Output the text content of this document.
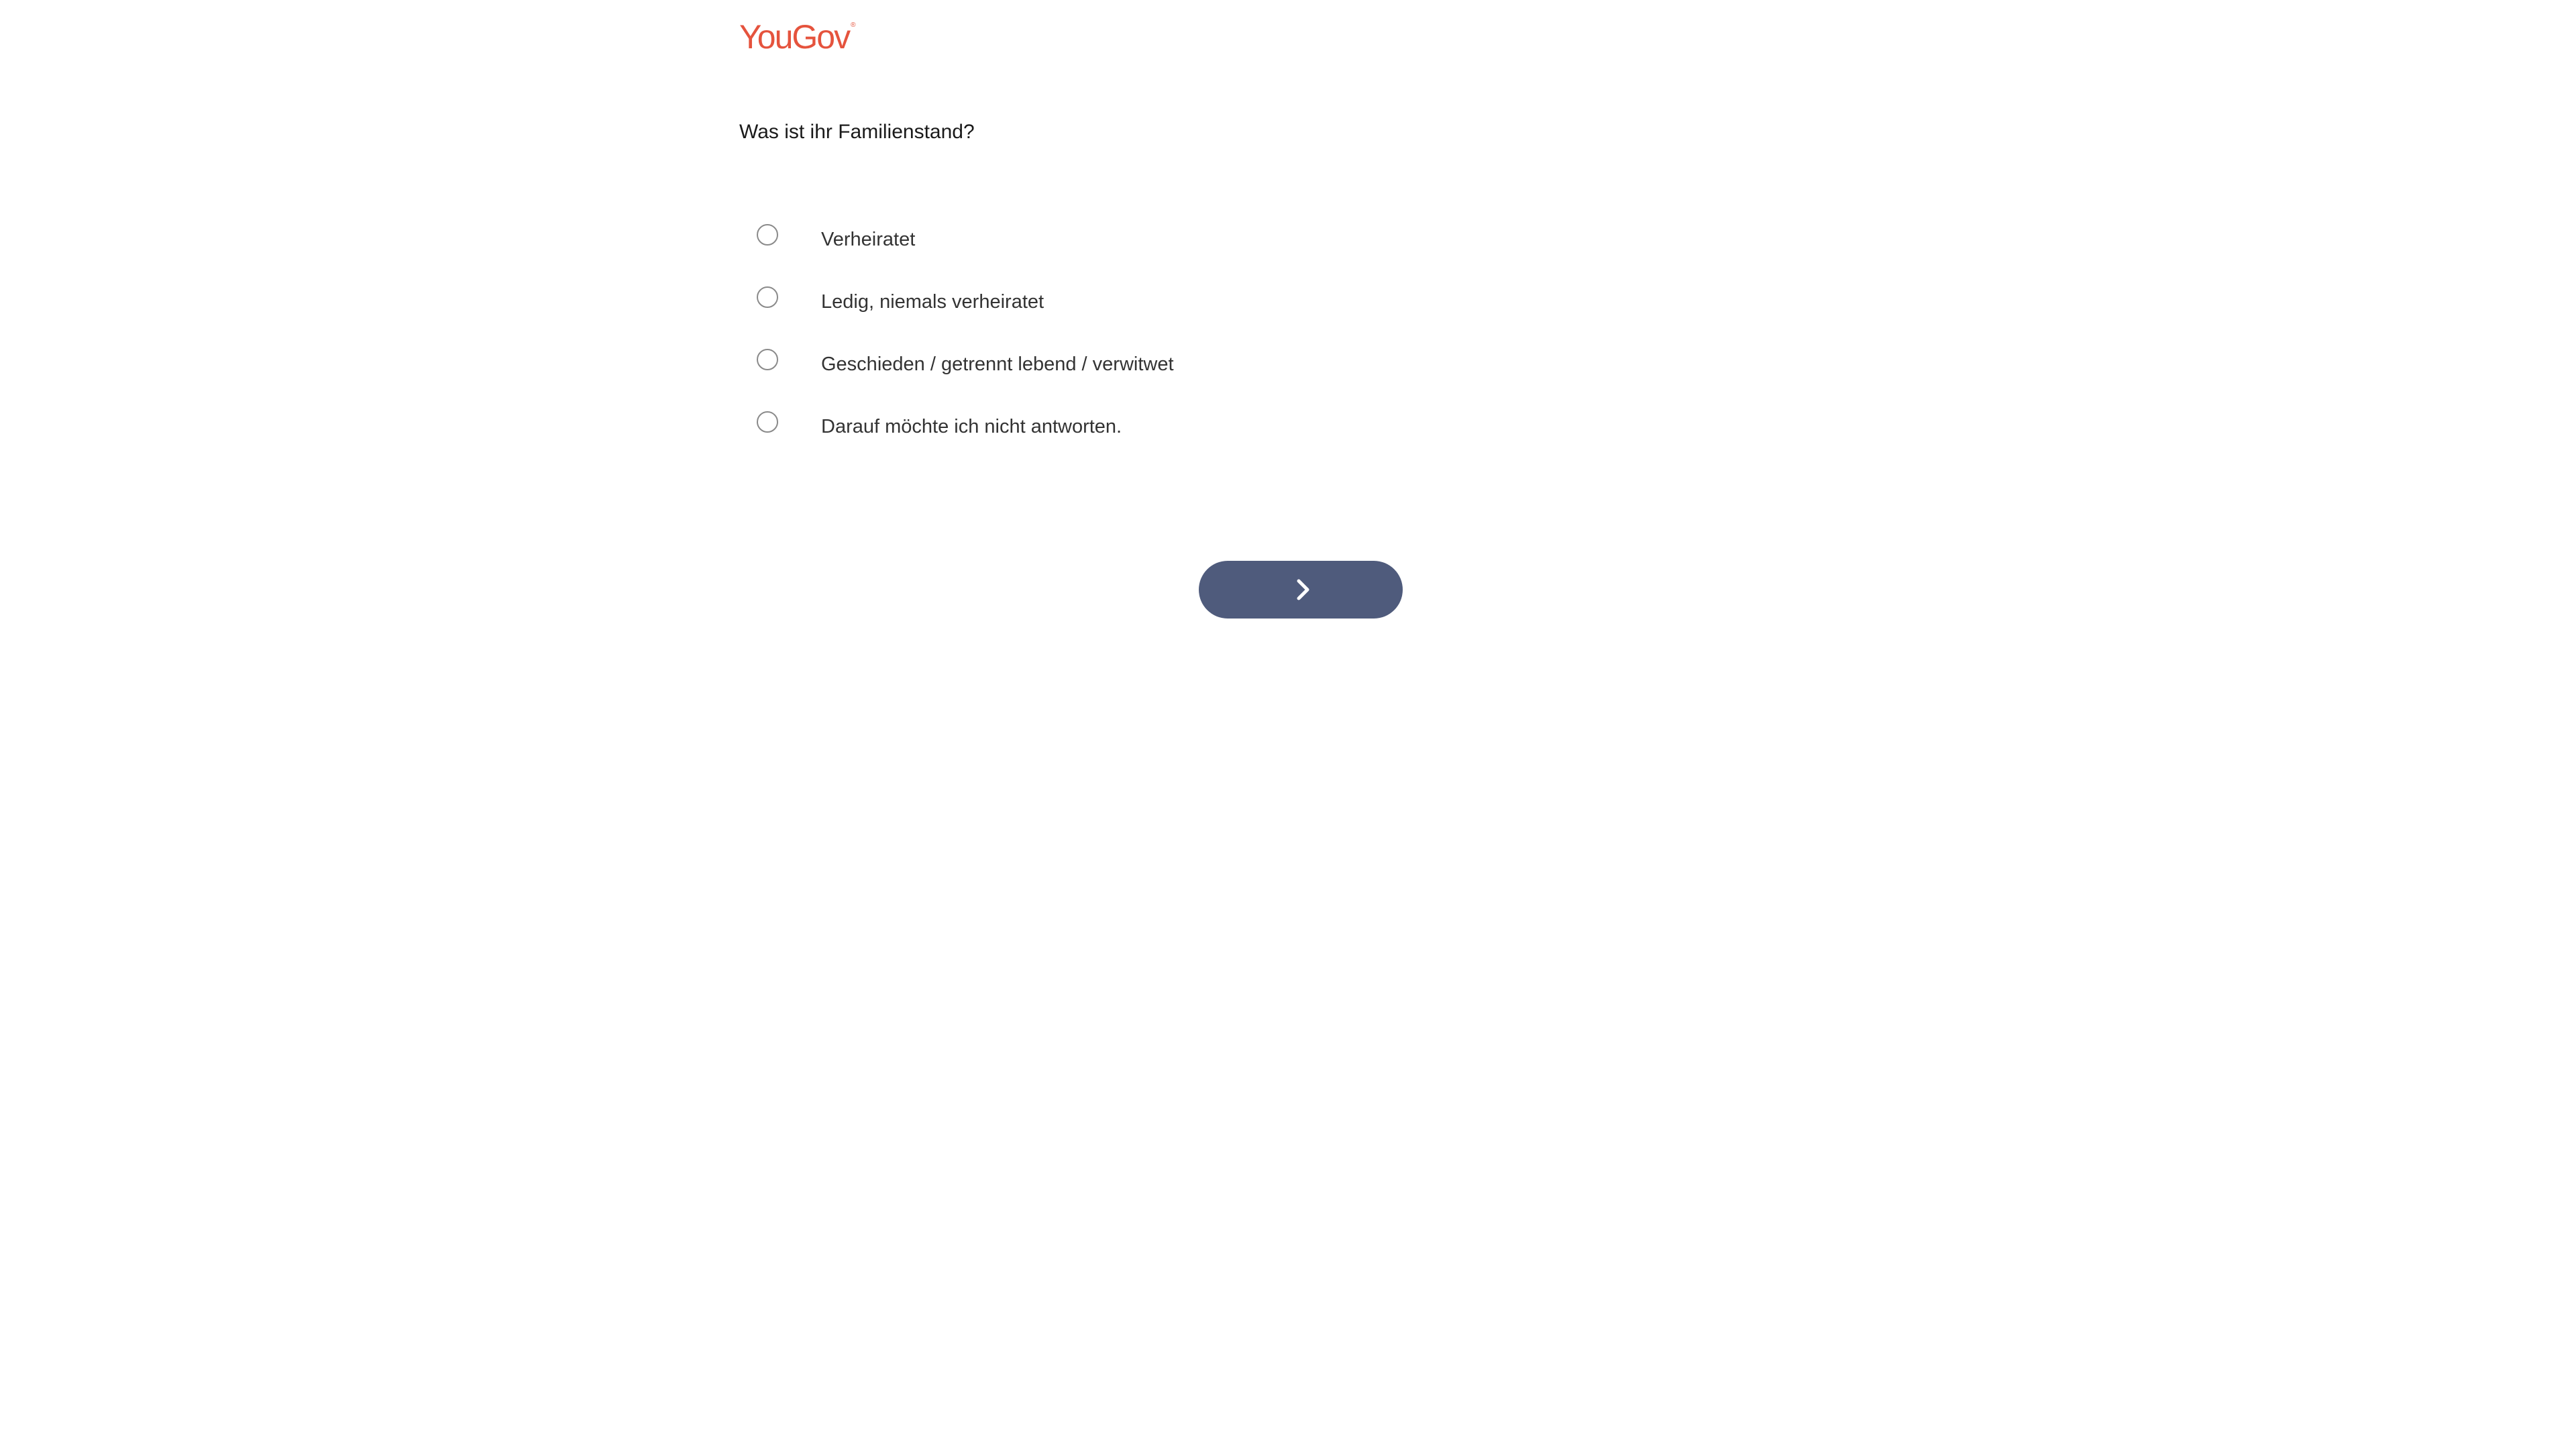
YouGov ®
Was ist ihr Familienstand?
Verheiratet
Ledig, niemals verheiratet
Geschieden / getrennt lebend / verwitwet
Darauf möchte ich nicht antworten.
